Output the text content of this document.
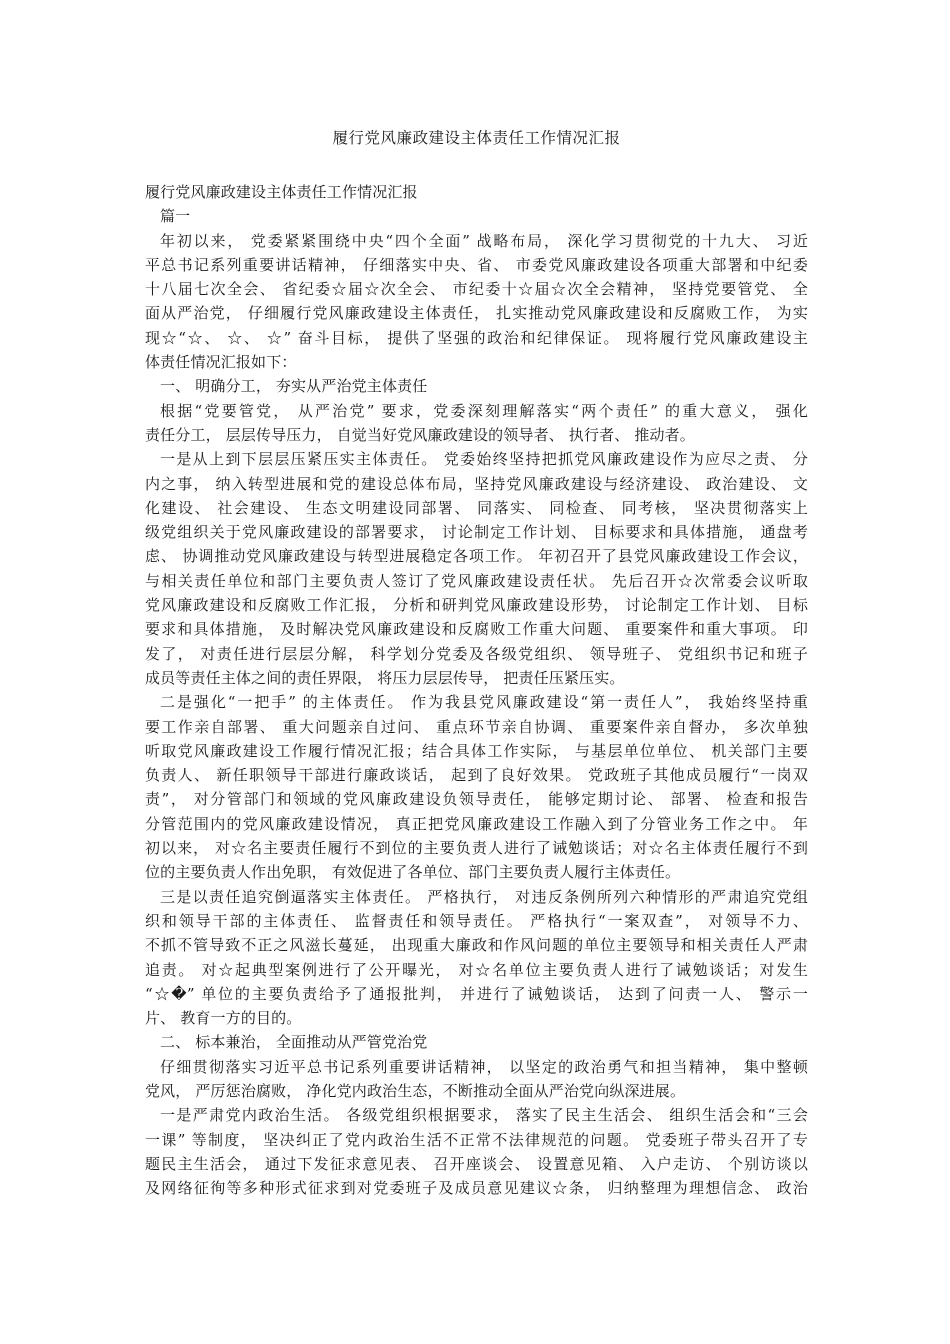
履行党风廉政建设主体责任工作情况汇报
履行党风廉政建设主体责任工作情况汇报
篇一
年初以来， 党委紧紧围绕中央“四个全面” 战略布局， 深化学习贯彻党的十九大、 习近
平总书记系列重要讲话精神， 仔细落实中央、省、 市委党风廉政建设各项重大部署和中纪委
十八届七次全会、 省纪委☆届☆次全会、 市纪委十☆届☆次全会精神， 坚持党要管党、 全
面从严治党， 仔细履行党风廉政建设主体责任， 扎实推动党风廉政建设和反腐败工作， 为实
现☆“☆、 ☆、 ☆” 奋斗目标， 提供了坚强的政治和纪律保证。 现将履行党风廉政建设主
体责任情况汇报如下：
一、 明确分工， 夯实从严治党主体责任
根据“党要管党， 从严治党” 要求，党委深刻理解落实“两个责任” 的重大意义， 强化
责任分工， 层层传导压力， 自觉当好党风廉政建设的领导者、 执行者、 推动者。
一是从上到下层层压紧压实主体责任。 党委始终坚持把抓党风廉政建设作为应尽之责、 分
内之事， 纳入转型进展和党的建设总体布局，坚持党风廉政建设与经济建设、 政治建设、 文
化建设、 社会建设、 生态文明建设同部署、 同落实、 同检查、 同考核， 坚决贯彻落实上
级党组织关于党风廉政建设的部署要求， 讨论制定工作计划、 目标要求和具体措施， 通盘考
虑、 协调推动党风廉政建设与转型进展稳定各项工作。 年初召开了县党风廉政建设工作会议，
与相关责任单位和部门主要负责人签订了党风廉政建设责任状。 先后召开☆次常委会议听取
党风廉政建设和反腐败工作汇报， 分析和研判党风廉政建设形势， 讨论制定工作计划、 目标
要求和具体措施， 及时解决党风廉政建设和反腐败工作重大问题、 重要案件和重大事项。 印
发了， 对责任进行层层分解， 科学划分党委及各级党组织、 领导班子、 党组织书记和班子
成员等责任主体之间的责任界限， 将压力层层传导， 把责任压紧压实。
二是强化“一把手” 的主体责任。 作为我县党风廉政建设“第一责任人”， 我始终坚持重
要工作亲自部署、 重大问题亲自过问、 重点环节亲自协调、 重要案件亲自督办， 多次单独
听取党风廉政建设工作履行情况汇报；结合具体工作实际， 与基层单位单位、 机关部门主要
负责人、 新任职领导干部进行廉政谈话， 起到了良好效果。 党政班子其他成员履行“一岗双
责”， 对分管部门和领域的党风廉政建设负领导责任， 能够定期讨论、 部署、 检查和报告
分管范围内的党风廉政建设情况， 真正把党风廉政建设工作融入到了分管业务工作之中。 年
初以来， 对☆名主要责任履行不到位的主要负责人进行了诫勉谈话；对☆名主体责任履行不到
位的主要负责人作出免职， 有效促进了各单位、部门主要负责人履行主体责任。
三是以责任追究倒逼落实主体责任。 严格执行， 对违反条例所列六种情形的严肃追究党组
织和领导干部的主体责任、 监督责任和领导责任。 严格执行“一案双查”， 对领导不力、
不抓不管导致不正之风滋长蔓延， 出现重大廉政和作风问题的单位主要领导和相关责任人严肃
追责。 对☆起典型案例进行了公开曝光， 对☆名单位主要负责人进行了诫勉谈话；对发生
“☆�” 单位的主要负责给予了通报批判， 并进行了诫勉谈话， 达到了问责一人、 警示一
片、 教育一方的目的。
二、 标本兼治， 全面推动从严管党治党
仔细贯彻落实习近平总书记系列重要讲话精神， 以坚定的政治勇气和担当精神， 集中整顿
党风， 严厉惩治腐败， 净化党内政治生态，不断推动全面从严治党向纵深进展。
一是严肃党内政治生活。 各级党组织根据要求， 落实了民主生活会、 组织生活会和“三会
一课” 等制度， 坚决纠正了党内政治生活不正常不法律规范的问题。 党委班子带头召开了专
题民主生活会， 通过下发征求意见表、 召开座谈会、 设置意见箱、 入户走访、 个别访谈以
及网络征徇等多种形式征求到对党委班子及成员意见建议☆条， 归纳整理为理想信念、 政治
